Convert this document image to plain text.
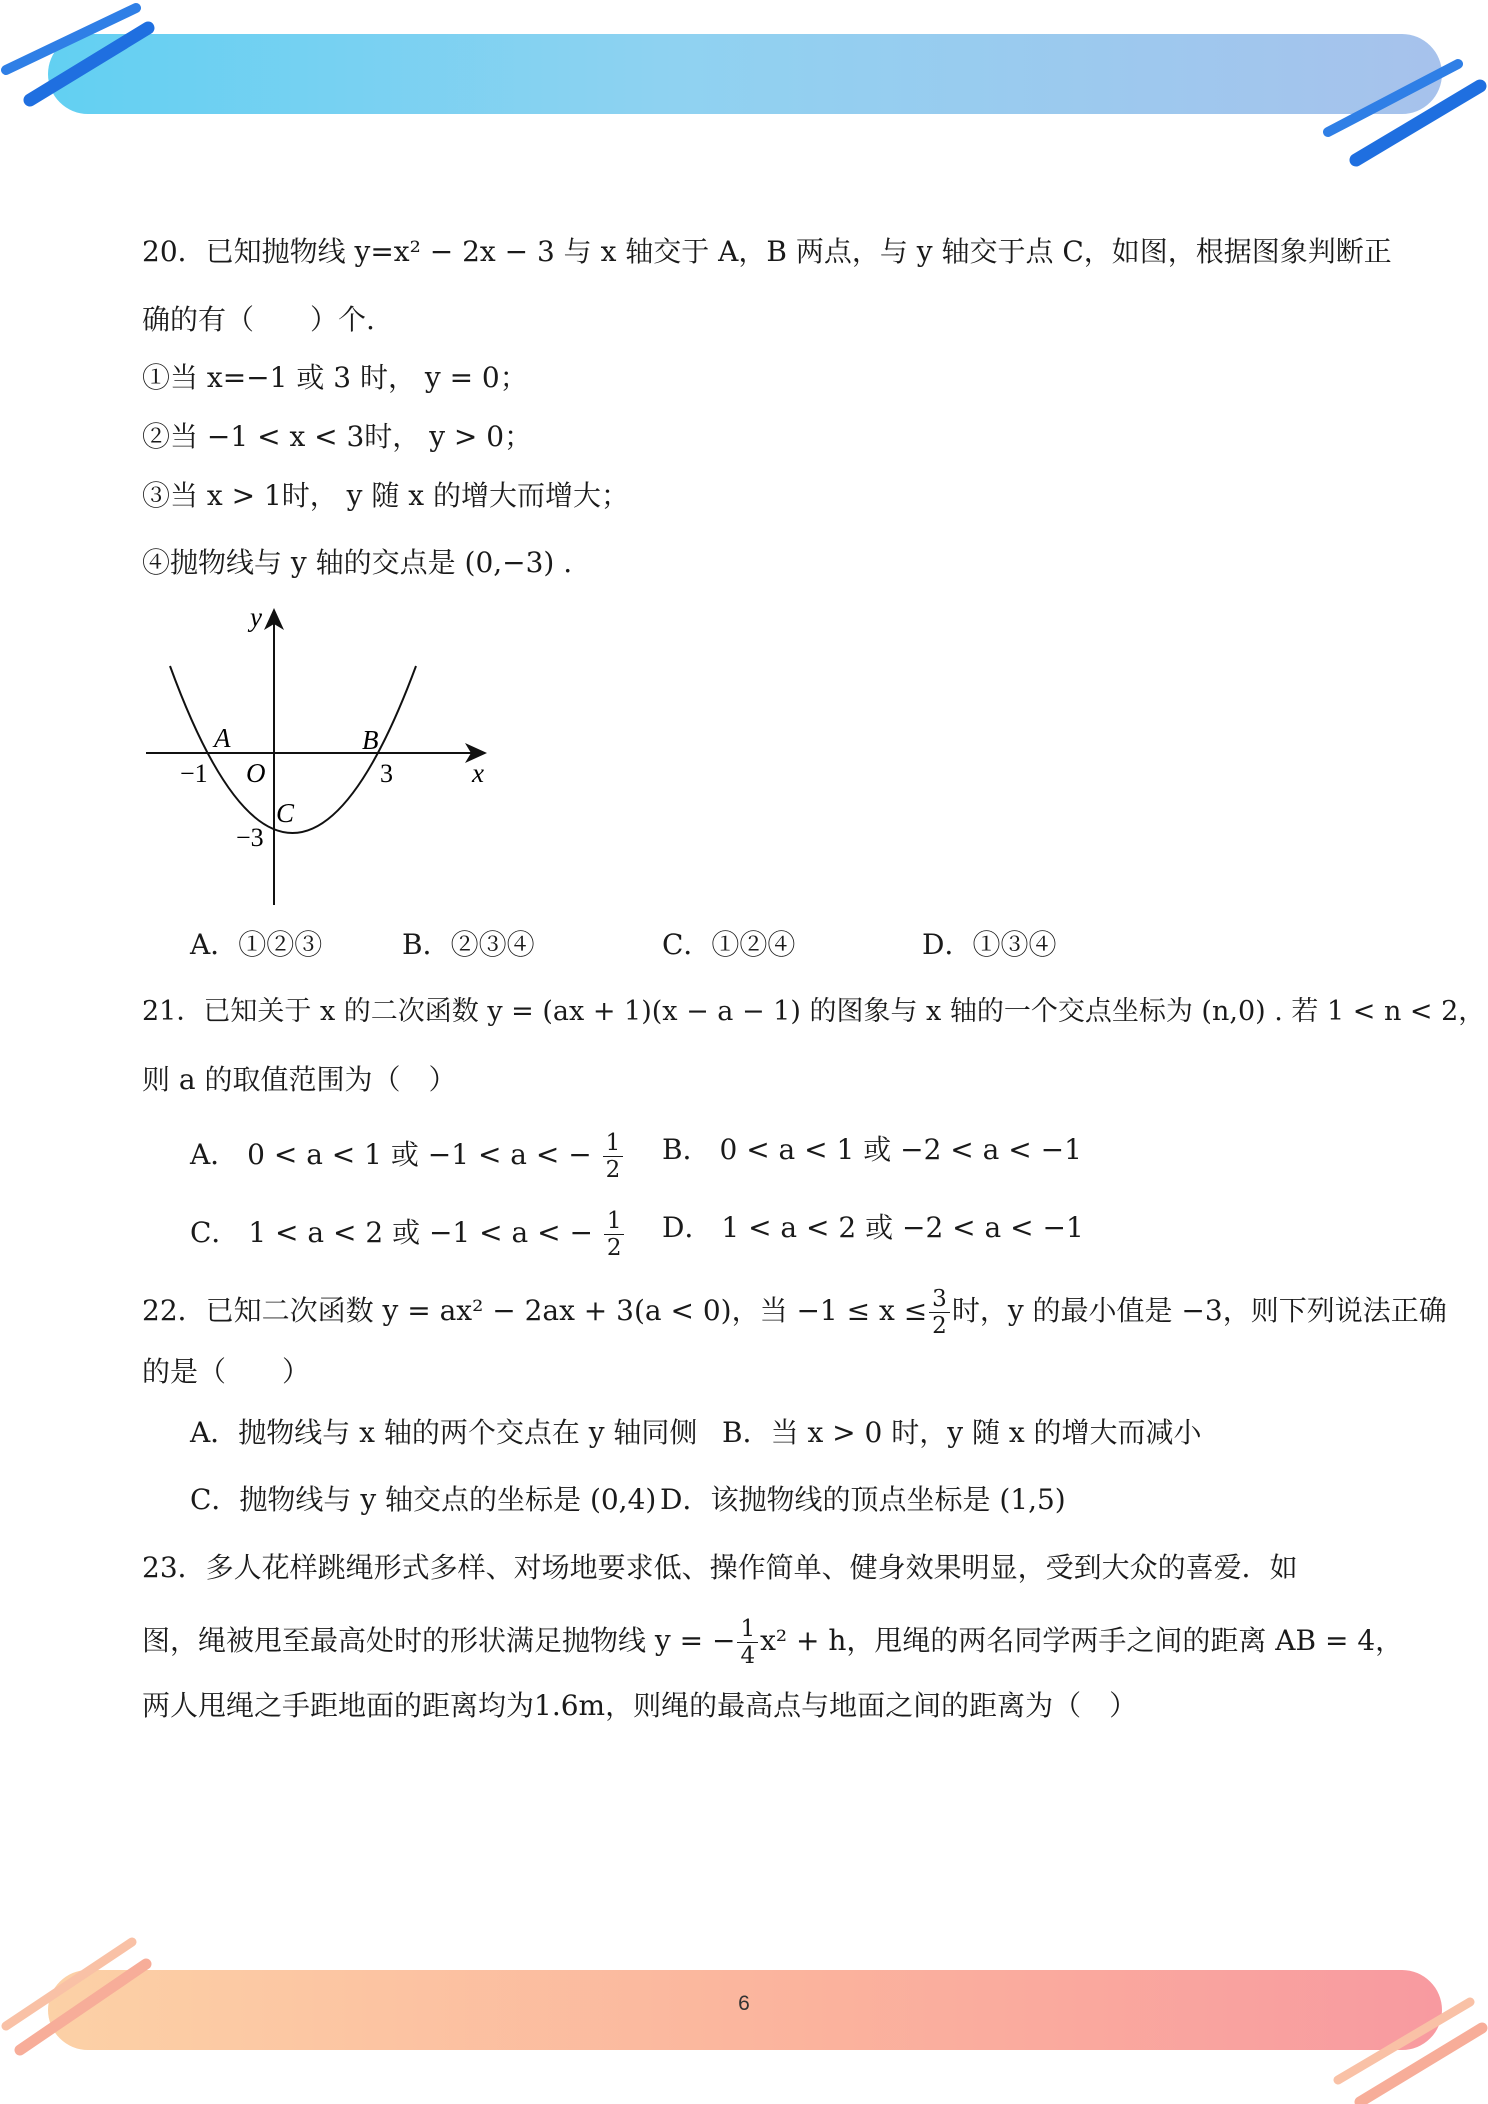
6
20．已知抛物线 y=x² − 2x − 3 与 x 轴交于 A，B 两点，与 y 轴交于点 C，如图，根据图象判断正
确的有（　　）个.
①当 x=−1 或 3 时， y = 0；
②当 −1 < x < 3时， y > 0；
③当 x > 1时， y 随 x 的增大而增大；
④抛物线与 y 轴的交点是 (0,−3) .
y
x
O
A	B
C
−1	3
−3
A．①②③	B．②③④	C．①②④	D．①③④
21．已知关于 x 的二次函数 y = (ax + 1)(x − a − 1) 的图象与 x 轴的一个交点坐标为 (n,0) . 若 1 < n < 2，
则 a 的取值范围为（　）
A． 0 < a < 1 或 −1 < a < − $\frac{1}{2}$ B． 0 < a < 1 或 −2 < a < −1
C． 1 < a < 2 或 −1 < a < − $\frac{1}{2}$ D． 1 < a < 2 或 −2 < a < −1
22．已知二次函数 y = ax² − 2ax + 3(a < 0)，当 $-1 \le x \le \frac{3}{2}$ 时，y 的最小值是 −3，则下列说法正确
的是（　　）
A．抛物线与 x 轴的两个交点在 y 轴同侧 B．当 x > 0 时，y 随 x 的增大而减小
C．抛物线与 y 轴交点的坐标是 (0,4) D．该抛物线的顶点坐标是 (1,5)
23．多人花样跳绳形式多样、对场地要求低、操作简单、健身效果明显，受到大众的喜爱．如
图，绳被甩至最高处时的形状满足抛物线 y = − $\frac{1}{4} x^2 + h$，甩绳的两名同学两手之间的距离 AB = 4，
两人甩绳之手距地面的距离均为1.6m，则绳的最高点与地面之间的距离为（　）
